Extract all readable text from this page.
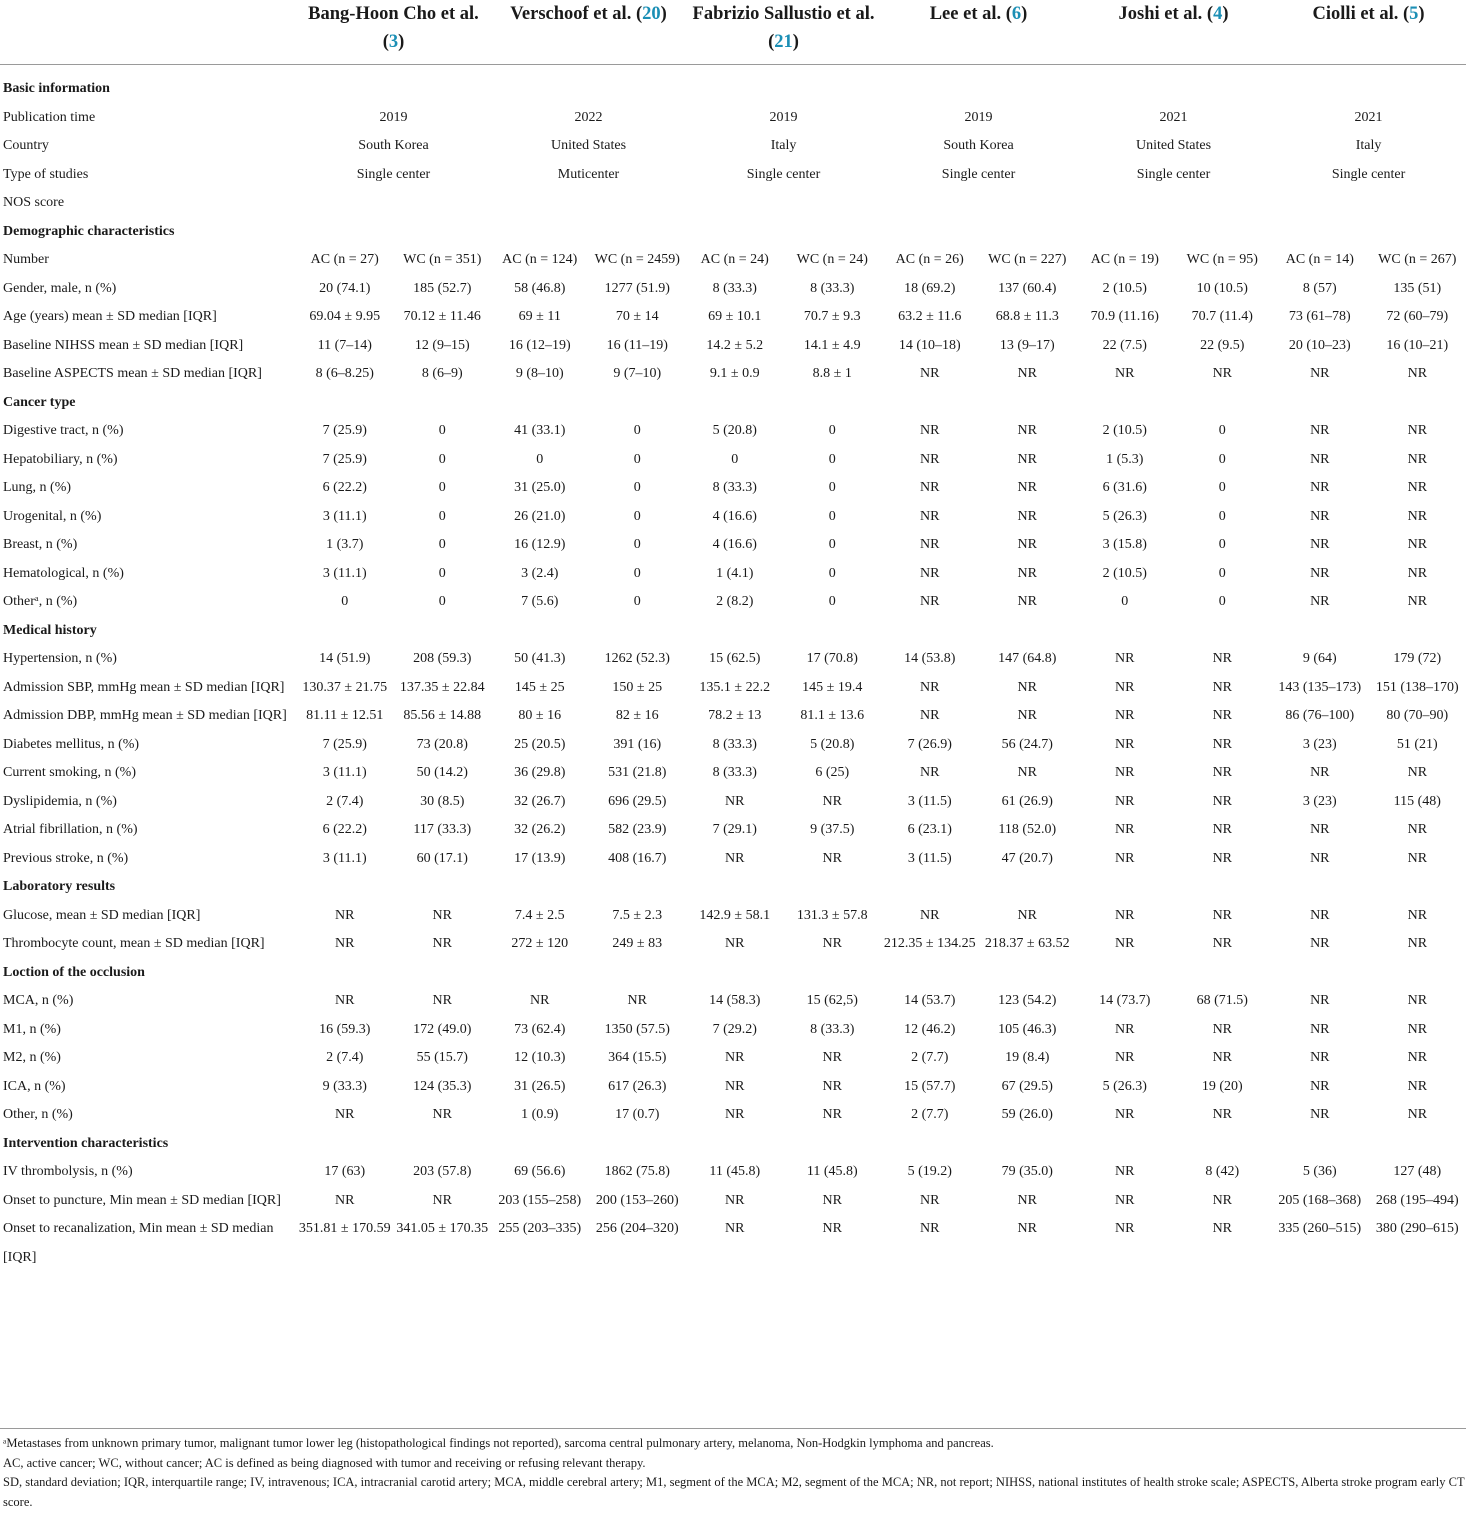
	Bang-Hoon Cho et al. (3)		Verschoof et al. (20)		Fabrizio Sallustio et al. (21)		Lee et al. (6)		Joshi et al. (4)		Ciolli et al. (5)	
Basic information												
Publication time	2019		2022		2019		2019		2021		2021	
Country	South Korea		United States		Italy		South Korea		United States		Italy	
Type of studies	Single center		Muticenter		Single center		Single center		Single center		Single center	
NOS score												
Demographic characteristics												
Number	AC (n = 27)	WC (n = 351)	AC (n = 124)	WC (n = 2459)	AC (n = 24)	WC (n = 24)	AC (n = 26)	WC (n = 227)	AC (n = 19)	WC (n = 95)	AC (n = 14)	WC (n = 267)
Gender, male, n (%)	20 (74.1)	185 (52.7)	58 (46.8)	1277 (51.9)	8 (33.3)	8 (33.3)	18 (69.2)	137 (60.4)	2 (10.5)	10 (10.5)	8 (57)	135 (51)
Age (years) mean ± SD median [IQR]	69.04 ± 9.95	70.12 ± 11.46	69 ± 11	70 ± 14	69 ± 10.1	70.7 ± 9.3	63.2 ± 11.6	68.8 ± 11.3	70.9 (11.16)	70.7 (11.4)	73 (61–78)	72 (60–79)
Baseline NIHSS mean ± SD median [IQR]	11 (7–14)	12 (9–15)	16 (12–19)	16 (11–19)	14.2 ± 5.2	14.1 ± 4.9	14 (10–18)	13 (9–17)	22 (7.5)	22 (9.5)	20 (10–23)	16 (10–21)
Baseline ASPECTS mean ± SD median [IQR]	8 (6–8.25)	8 (6–9)	9 (8–10)	9 (7–10)	9.1 ± 0.9	8.8 ± 1	NR	NR	NR	NR	NR	NR
Cancer type												
Digestive tract, n (%)	7 (25.9)	0	41 (33.1)	0	5 (20.8)	0	NR	NR	2 (10.5)	0	NR	NR
Hepatobiliary, n (%)	7 (25.9)	0	0	0	0	0	NR	NR	1 (5.3)	0	NR	NR
Lung, n (%)	6 (22.2)	0	31 (25.0)	0	8 (33.3)	0	NR	NR	6 (31.6)	0	NR	NR
Urogenital, n (%)	3 (11.1)	0	26 (21.0)	0	4 (16.6)	0	NR	NR	5 (26.3)	0	NR	NR
Breast, n (%)	1 (3.7)	0	16 (12.9)	0	4 (16.6)	0	NR	NR	3 (15.8)	0	NR	NR
Hematological, n (%)	3 (11.1)	0	3 (2.4)	0	1 (4.1)	0	NR	NR	2 (10.5)	0	NR	NR
Otherᵃ, n (%)	0	0	7 (5.6)	0	2 (8.2)	0	NR	NR	0	0	NR	NR
Medical history												
Hypertension, n (%)	14 (51.9)	208 (59.3)	50 (41.3)	1262 (52.3)	15 (62.5)	17 (70.8)	14 (53.8)	147 (64.8)	NR	NR	9 (64)	179 (72)
Admission SBP, mmHg mean ± SD median [IQR]	130.37 ± 21.75	137.35 ± 22.84	145 ± 25	150 ± 25	135.1 ± 22.2	145 ± 19.4	NR	NR	NR	NR	143 (135–173)	151 (138–170)
Admission DBP, mmHg mean ± SD median [IQR]	81.11 ± 12.51	85.56 ± 14.88	80 ± 16	82 ± 16	78.2 ± 13	81.1 ± 13.6	NR	NR	NR	NR	86 (76–100)	80 (70–90)
Diabetes mellitus, n (%)	7 (25.9)	73 (20.8)	25 (20.5)	391 (16)	8 (33.3)	5 (20.8)	7 (26.9)	56 (24.7)	NR	NR	3 (23)	51 (21)
Current smoking, n (%)	3 (11.1)	50 (14.2)	36 (29.8)	531 (21.8)	8 (33.3)	6 (25)	NR	NR	NR	NR	NR	NR
Dyslipidemia, n (%)	2 (7.4)	30 (8.5)	32 (26.7)	696 (29.5)	NR	NR	3 (11.5)	61 (26.9)	NR	NR	3 (23)	115 (48)
Atrial fibrillation, n (%)	6 (22.2)	117 (33.3)	32 (26.2)	582 (23.9)	7 (29.1)	9 (37.5)	6 (23.1)	118 (52.0)	NR	NR	NR	NR
Previous stroke, n (%)	3 (11.1)	60 (17.1)	17 (13.9)	408 (16.7)	NR	NR	3 (11.5)	47 (20.7)	NR	NR	NR	NR
Laboratory results												
Glucose, mean ± SD median [IQR]	NR	NR	7.4 ± 2.5	7.5 ± 2.3	142.9 ± 58.1	131.3 ± 57.8	NR	NR	NR	NR	NR	NR
Thrombocyte count, mean ± SD median [IQR]	NR	NR	272 ± 120	249 ± 83	NR	NR	212.35 ± 134.25	218.37 ± 63.52	NR	NR	NR	NR
Loction of the occlusion												
MCA, n (%)	NR	NR	NR	NR	14 (58.3)	15 (62,5)	14 (53.7)	123 (54.2)	14 (73.7)	68 (71.5)	NR	NR
M1, n (%)	16 (59.3)	172 (49.0)	73 (62.4)	1350 (57.5)	7 (29.2)	8 (33.3)	12 (46.2)	105 (46.3)	NR	NR	NR	NR
M2, n (%)	2 (7.4)	55 (15.7)	12 (10.3)	364 (15.5)	NR	NR	2 (7.7)	19 (8.4)	NR	NR	NR	NR
ICA, n (%)	9 (33.3)	124 (35.3)	31 (26.5)	617 (26.3)	NR	NR	15 (57.7)	67 (29.5)	5 (26.3)	19 (20)	NR	NR
Other, n (%)	NR	NR	1 (0.9)	17 (0.7)	NR	NR	2 (7.7)	59 (26.0)	NR	NR	NR	NR
Intervention characteristics												
IV thrombolysis, n (%)	17 (63)	203 (57.8)	69 (56.6)	1862 (75.8)	11 (45.8)	11 (45.8)	5 (19.2)	79 (35.0)	NR	8 (42)	5 (36)	127 (48)
Onset to puncture, Min mean ± SD median [IQR]	NR	NR	203 (155–258)	200 (153–260)	NR	NR	NR	NR	NR	NR	205 (168–368)	268 (195–494)
Onset to recanalization, Min mean ± SD median [IQR]	351.81 ± 170.59	341.05 ± 170.35	255 (203–335)	256 (204–320)	NR	NR	NR	NR	NR	NR	335 (260–515)	380 (290–615)

ᵃMetastases from unknown primary tumor, malignant tumor lower leg (histopathological findings not reported), sarcoma central pulmonary artery, melanoma, Non-Hodgkin lymphoma and pancreas.

AC, active cancer; WC, without cancer; AC is defined as being diagnosed with tumor and receiving or refusing relevant therapy.

SD, standard deviation; IQR, interquartile range; IV, intravenous; ICA, intracranial carotid artery; MCA, middle cerebral artery; M1, segment of the MCA; M2, segment of the MCA; NR, not report; NIHSS, national institutes of health stroke scale; ASPECTS, Alberta stroke program early CT score.
